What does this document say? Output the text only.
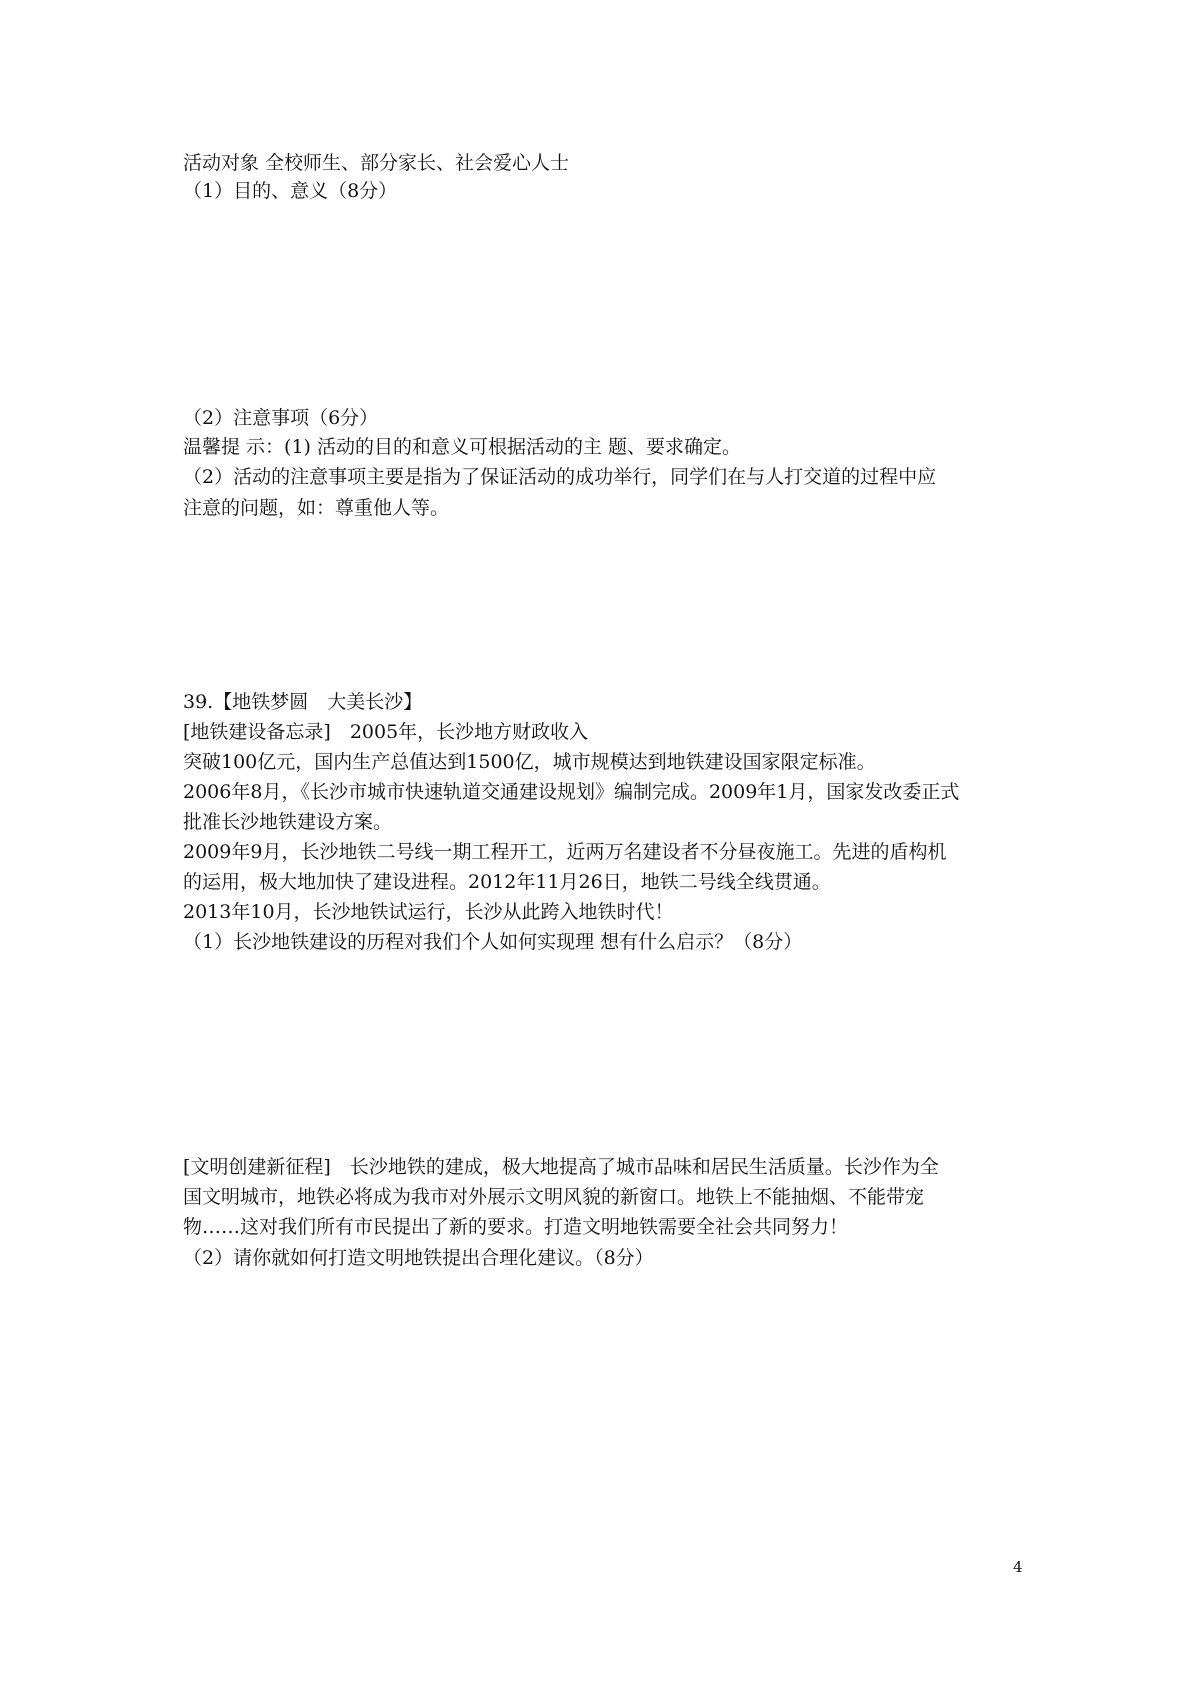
活动对象 全校师生、部分家长、社会爱心人士

（1）目的、意义（8分）

（2）注意事项（6分）

温馨提 示：(1) 活动的目的和意义可根据活动的主 题、要求确定。

（2）活动的注意事项主要是指为了保证活动的成功举行，同学们在与人打交道的过程中应

注意的问题，如：尊重他人等。

39.【地铁梦圆　大美长沙】

[地铁建设备忘录]　2005年，长沙地方财政收入

突破100亿元，国内生产总值达到1500亿，城市规模达到地铁建设国家限定标准。

2006年8月，《长沙市城市快速轨道交通建设规划》编制完成。2009年1月，国家发改委正式

批准长沙地铁建设方案。

2009年9月，长沙地铁二号线一期工程开工，近两万名建设者不分昼夜施工。先进的盾构机

的运用，极大地加快了建设进程。2012年11月26日，地铁二号线全线贯通。

2013年10月，长沙地铁试运行，长沙从此跨入地铁时代！

（1）长沙地铁建设的历程对我们个人如何实现理 想有什么启示？（8分）

[文明创建新征程]　长沙地铁的建成，极大地提高了城市品味和居民生活质量。长沙作为全

国文明城市，地铁必将成为我市对外展示文明风貌的新窗口。地铁上不能抽烟、不能带宠

物……这对我们所有市民提出了新的要求。打造文明地铁需要全社会共同努力！

（2）请你就如何打造文明地铁提出合理化建议。（8分）

4
